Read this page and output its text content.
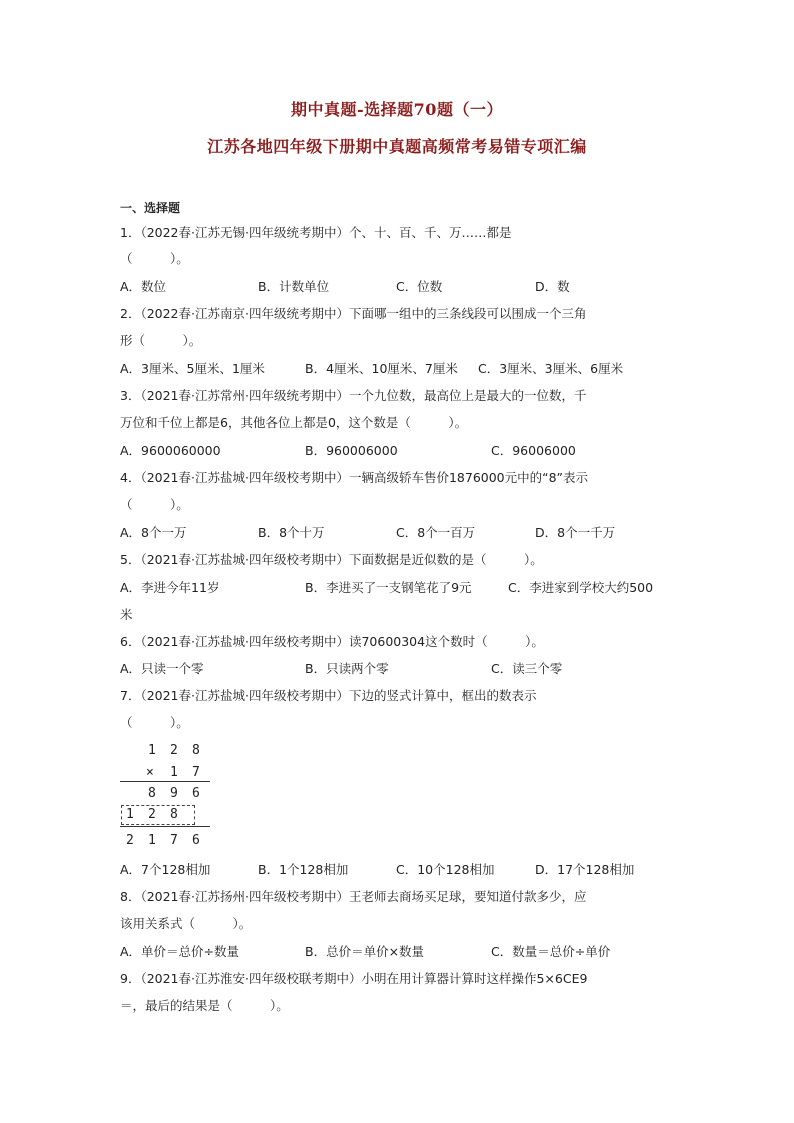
期中真题-选择题70题（一）
江苏各地四年级下册期中真题高频常考易错专项汇编
一、选择题
1．（2022春·江苏无锡·四年级统考期中）个、十、百、千、万……都是
（　　　）。
A．数位	B．计数单位	C．位数	D．数
2．（2022春·江苏南京·四年级统考期中）下面哪一组中的三条线段可以围成一个三角
形（　　　）。
A．3厘米、5厘米、1厘米	B．4厘米、10厘米、7厘米 C．3厘米、3厘米、6厘米
3．（2021春·江苏常州·四年级统考期中）一个九位数，最高位上是最大的一位数，千
万位和千位上都是6，其他各位上都是0，这个数是（　　　）。
A．9600060000	B．960006000	C．96006000
4．（2021春·江苏盐城·四年级校考期中）一辆高级轿车售价1876000元中的“8”表示
（　　　）。
A．8个一万	B．8个十万	C．8个一百万	D．8个一千万
5．（2021春·江苏盐城·四年级校考期中）下面数据是近似数的是（　　　）。
A．李进今年11岁	B．李进买了一支钢笔花了9元	C．李进家到学校大约500
米
6．（2021春·江苏盐城·四年级校考期中）读70600304这个数时（　　　）。
A．只读一个零	B．只读两个零	C．读三个零
7．（2021春·江苏盐城·四年级校考期中）下边的竖式计算中，框出的数表示
（　　　）。
1 2 8
× 1 7
8 9 6
1 2 8
2 1 7 6
A．7个128相加	B．1个128相加	C．10个128相加	D．17个128相加
8．（2021春·江苏扬州·四年级校考期中）王老师去商场买足球，要知道付款多少，应
该用关系式（　　　）。
A．单价＝总价÷数量	B．总价＝单价×数量	C．数量＝总价÷单价
9．（2021春·江苏淮安·四年级校联考期中）小明在用计算器计算时这样操作5×6CE9
＝，最后的结果是（　　　）。
